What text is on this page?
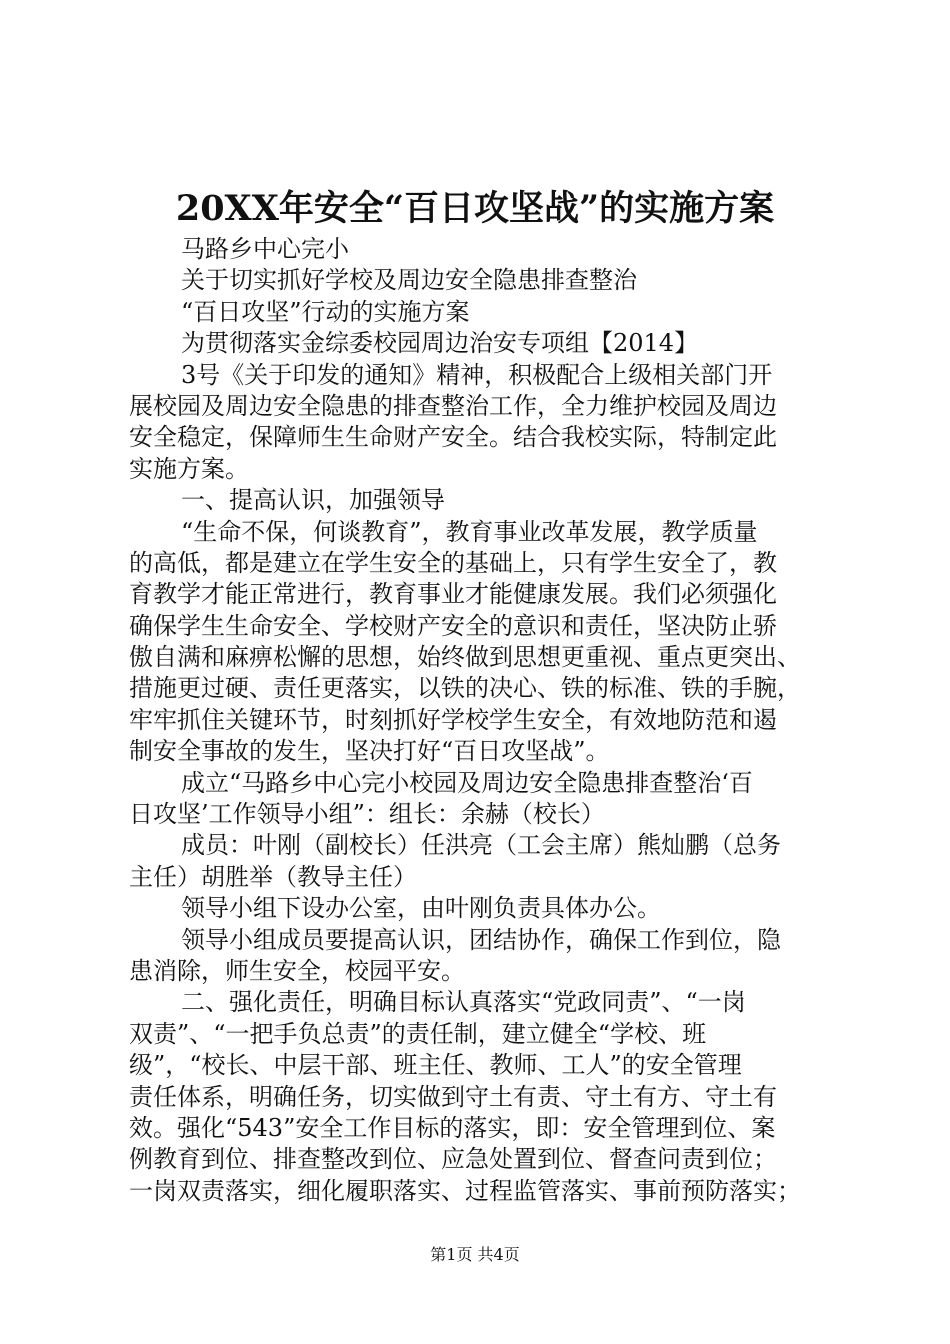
20XX年安全“百日攻坚战”的实施方案
马路乡中心完小
关于切实抓好学校及周边安全隐患排查整治
“百日攻坚”行动的实施方案
为贯彻落实金综委校园周边治安专项组【2014】
3号《关于印发的通知》精神，积极配合上级相关部门开
展校园及周边安全隐患的排查整治工作，全力维护校园及周边
安全稳定，保障师生生命财产安全。结合我校实际，特制定此
实施方案。
一、提高认识，加强领导
“生命不保，何谈教育”，教育事业改革发展，教学质量
的高低，都是建立在学生安全的基础上，只有学生安全了，教
育教学才能正常进行，教育事业才能健康发展。我们必须强化
确保学生生命安全、学校财产安全的意识和责任，坚决防止骄
傲自满和麻痹松懈的思想，始终做到思想更重视、重点更突出、
措施更过硬、责任更落实，以铁的决心、铁的标准、铁的手腕，
牢牢抓住关键环节，时刻抓好学校学生安全，有效地防范和遏
制安全事故的发生，坚决打好“百日攻坚战”。
成立“马路乡中心完小校园及周边安全隐患排查整治‘百
日攻坚’工作领导小组”：组长：余赫（校长）
成员：叶刚（副校长）任洪亮（工会主席）熊灿鹏（总务
主任）胡胜举（教导主任）
领导小组下设办公室，由叶刚负责具体办公。
领导小组成员要提高认识，团结协作，确保工作到位，隐
患消除，师生安全，校园平安。
二、强化责任，明确目标认真落实“党政同责”、“一岗
双责”、“一把手负总责”的责任制，建立健全“学校、班
级”，“校长、中层干部、班主任、教师、工人”的安全管理
责任体系，明确任务，切实做到守土有责、守土有方、守土有
效。强化“543”安全工作目标的落实，即：安全管理到位、案
例教育到位、排查整改到位、应急处置到位、督查问责到位；
一岗双责落实，细化履职落实、过程监管落实、事前预防落实；
第1页 共4页
